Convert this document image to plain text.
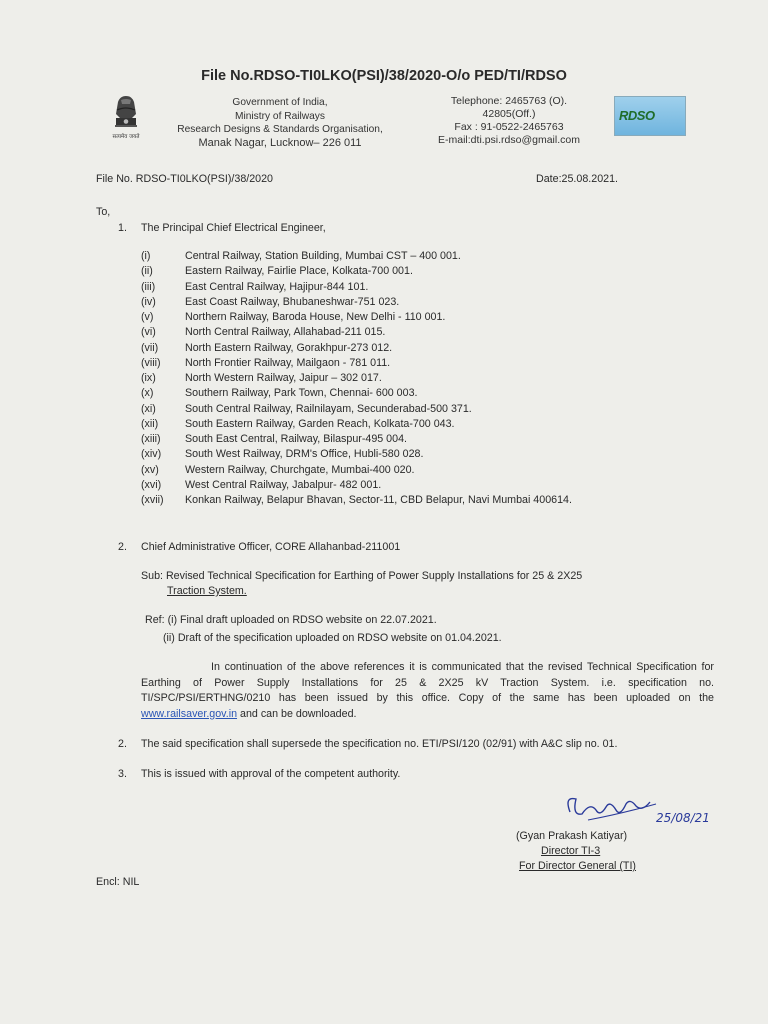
File No.RDSO-TI0LKO(PSI)/38/2020-O/o PED/TI/RDSO
सत्यमेव जयते
Government of India,
Ministry of Railways
Research Designs & Standards Organisation,
Manak Nagar, Lucknow– 226 011
Telephone: 2465763 (O).
42805(Off.)
Fax : 91-0522-2465763
E-mail:dti.psi.rdso@gmail.com
RDSO
File No. RDSO-TI0LKO(PSI)/38/2020	Date:25.08.2021.
To,
1. The Principal Chief Electrical Engineer,
(i)	Central Railway, Station Building, Mumbai CST – 400 001.
(ii)	Eastern Railway, Fairlie Place, Kolkata-700 001.
(iii)	East Central Railway, Hajipur-844 101.
(iv)	East Coast Railway, Bhubaneshwar-751 023.
(v)	Northern Railway, Baroda House, New Delhi - 110 001.
(vi)	North Central Railway, Allahabad-211 015.
(vii)	North Eastern Railway, Gorakhpur-273 012.
(viii)	North Frontier Railway, Mailgaon - 781 011.
(ix)	North Western Railway, Jaipur – 302 017.
(x)	Southern Railway, Park Town, Chennai- 600 003.
(xi)	South Central Railway, Railnilayam, Secunderabad-500 371.
(xii)	South Eastern Railway, Garden Reach, Kolkata-700 043.
(xiii)	South East Central, Railway, Bilaspur-495 004.
(xiv)	South West Railway, DRM's Office, Hubli-580 028.
(xv)	Western Railway, Churchgate, Mumbai-400 020.
(xvi)	West Central Railway, Jabalpur- 482 001.
(xvii)	Konkan Railway, Belapur Bhavan, Sector-11, CBD Belapur, Navi Mumbai 400614.
2. Chief Administrative Officer, CORE Allahanbad-211001
Sub: Revised Technical Specification for Earthing of Power Supply Installations for 25 & 2X25
Traction System.
Ref: (i) Final draft uploaded on RDSO website on 22.07.2021.
(ii) Draft of the specification uploaded on RDSO website on 01.04.2021.
In continuation of the above references it is communicated that the revised Technical Specification for Earthing of Power Supply Installations for 25 & 2X25 kV Traction System. i.e. specification no. TI/SPC/PSI/ERTHNG/0210 has been issued by this office. Copy of the same has been uploaded on the www.railsaver.gov.in and can be downloaded.
2. The said specification shall supersede the specification no. ETI/PSI/120 (02/91) with A&C slip no. 01.
3. This is issued with approval of the competent authority.
25/08/21
(Gyan Prakash Katiyar)
Director TI-3
For Director General (TI)
Encl: NIL
